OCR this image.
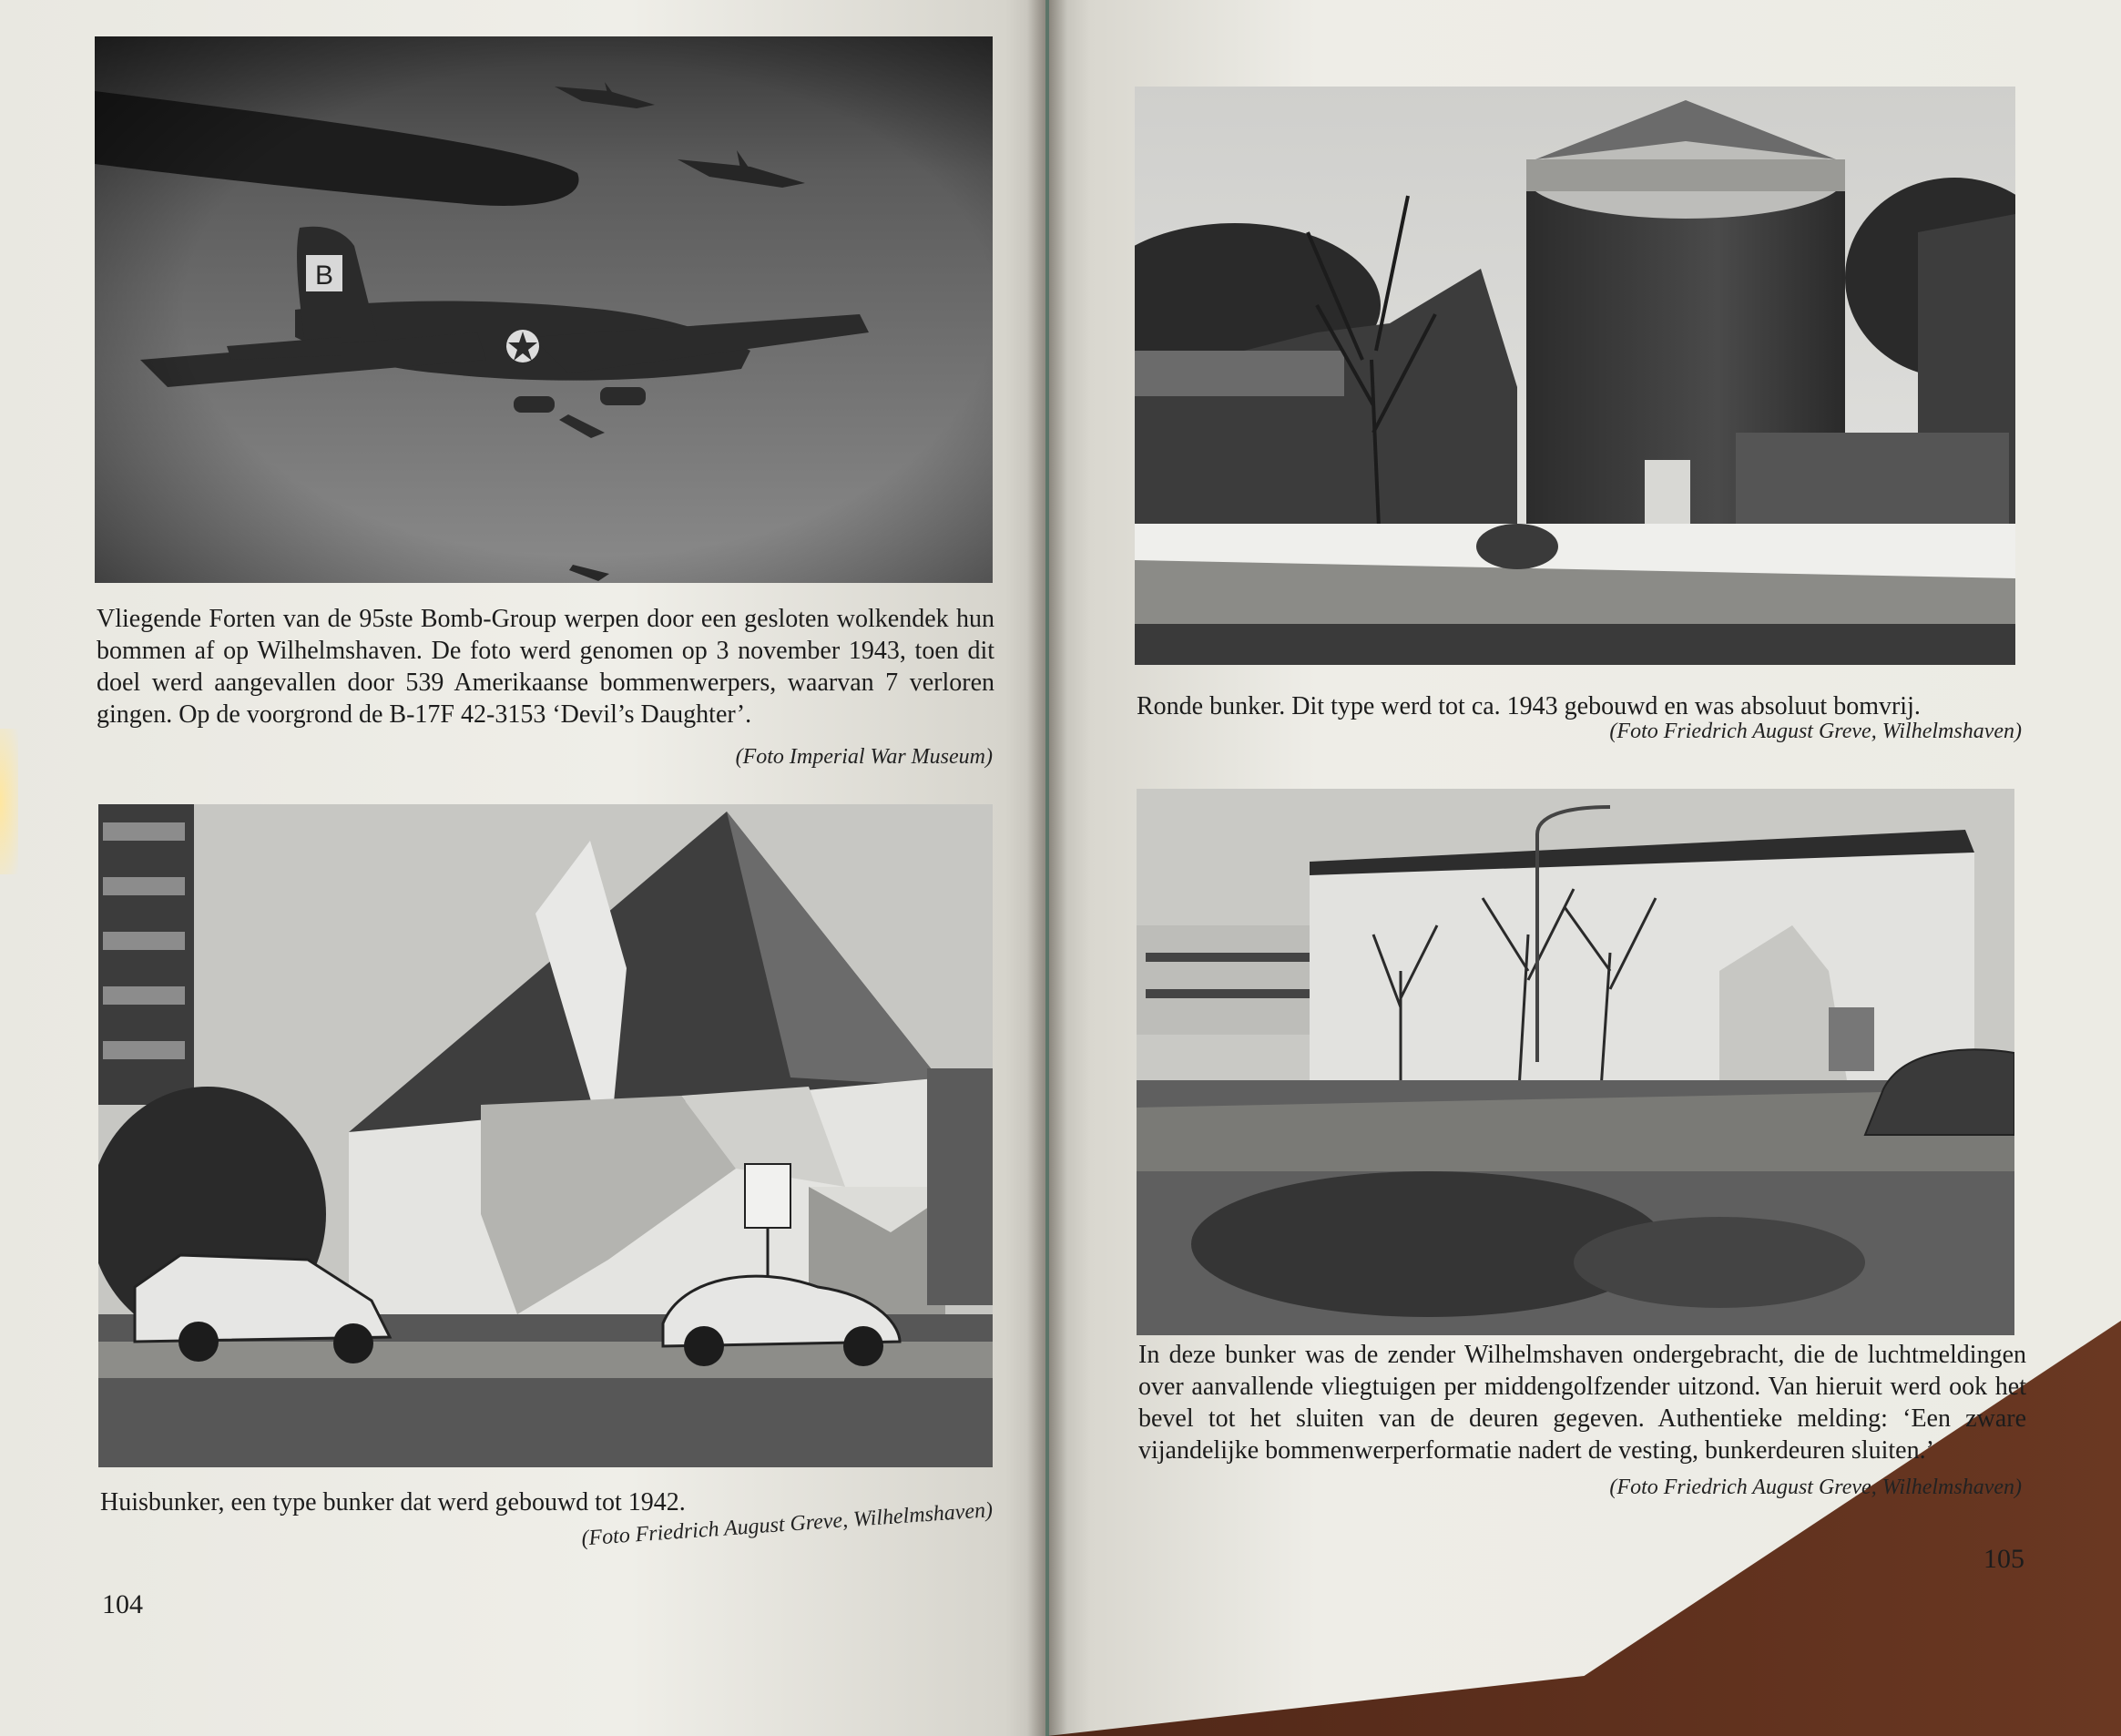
Vliegende Forten van de 95ste Bomb-Group werpen door een gesloten wolkendek hun bommen af op Wilhelmshaven. De foto werd genomen op 3 november 1943, toen dit doel werd aangevallen door 539 Amerikaanse bommenwerpers, waarvan 7 verloren gingen. Op de voorgrond de B-17F 42-3153 ‘Devil’s Daughter’.
(Foto Imperial War Museum)
Huisbunker, een type bunker dat werd gebouwd tot 1942.
(Foto Friedrich August Greve, Wilhelmshaven)
104
Ronde bunker. Dit type werd tot ca. 1943 gebouwd en was absoluut bomvrij.
(Foto Friedrich August Greve, Wilhelmshaven)
In deze bunker was de zender Wilhelmshaven ondergebracht, die de luchtmeldingen over aanvallende vliegtuigen per middengolfzender uitzond. Van hieruit werd ook het bevel tot het sluiten van de deuren gegeven. Authentieke melding: ‘Een zware vijandelijke bommenwerperformatie nadert de vesting, bunkerdeuren sluiten.’
(Foto Friedrich August Greve, Wilhelmshaven)
105
